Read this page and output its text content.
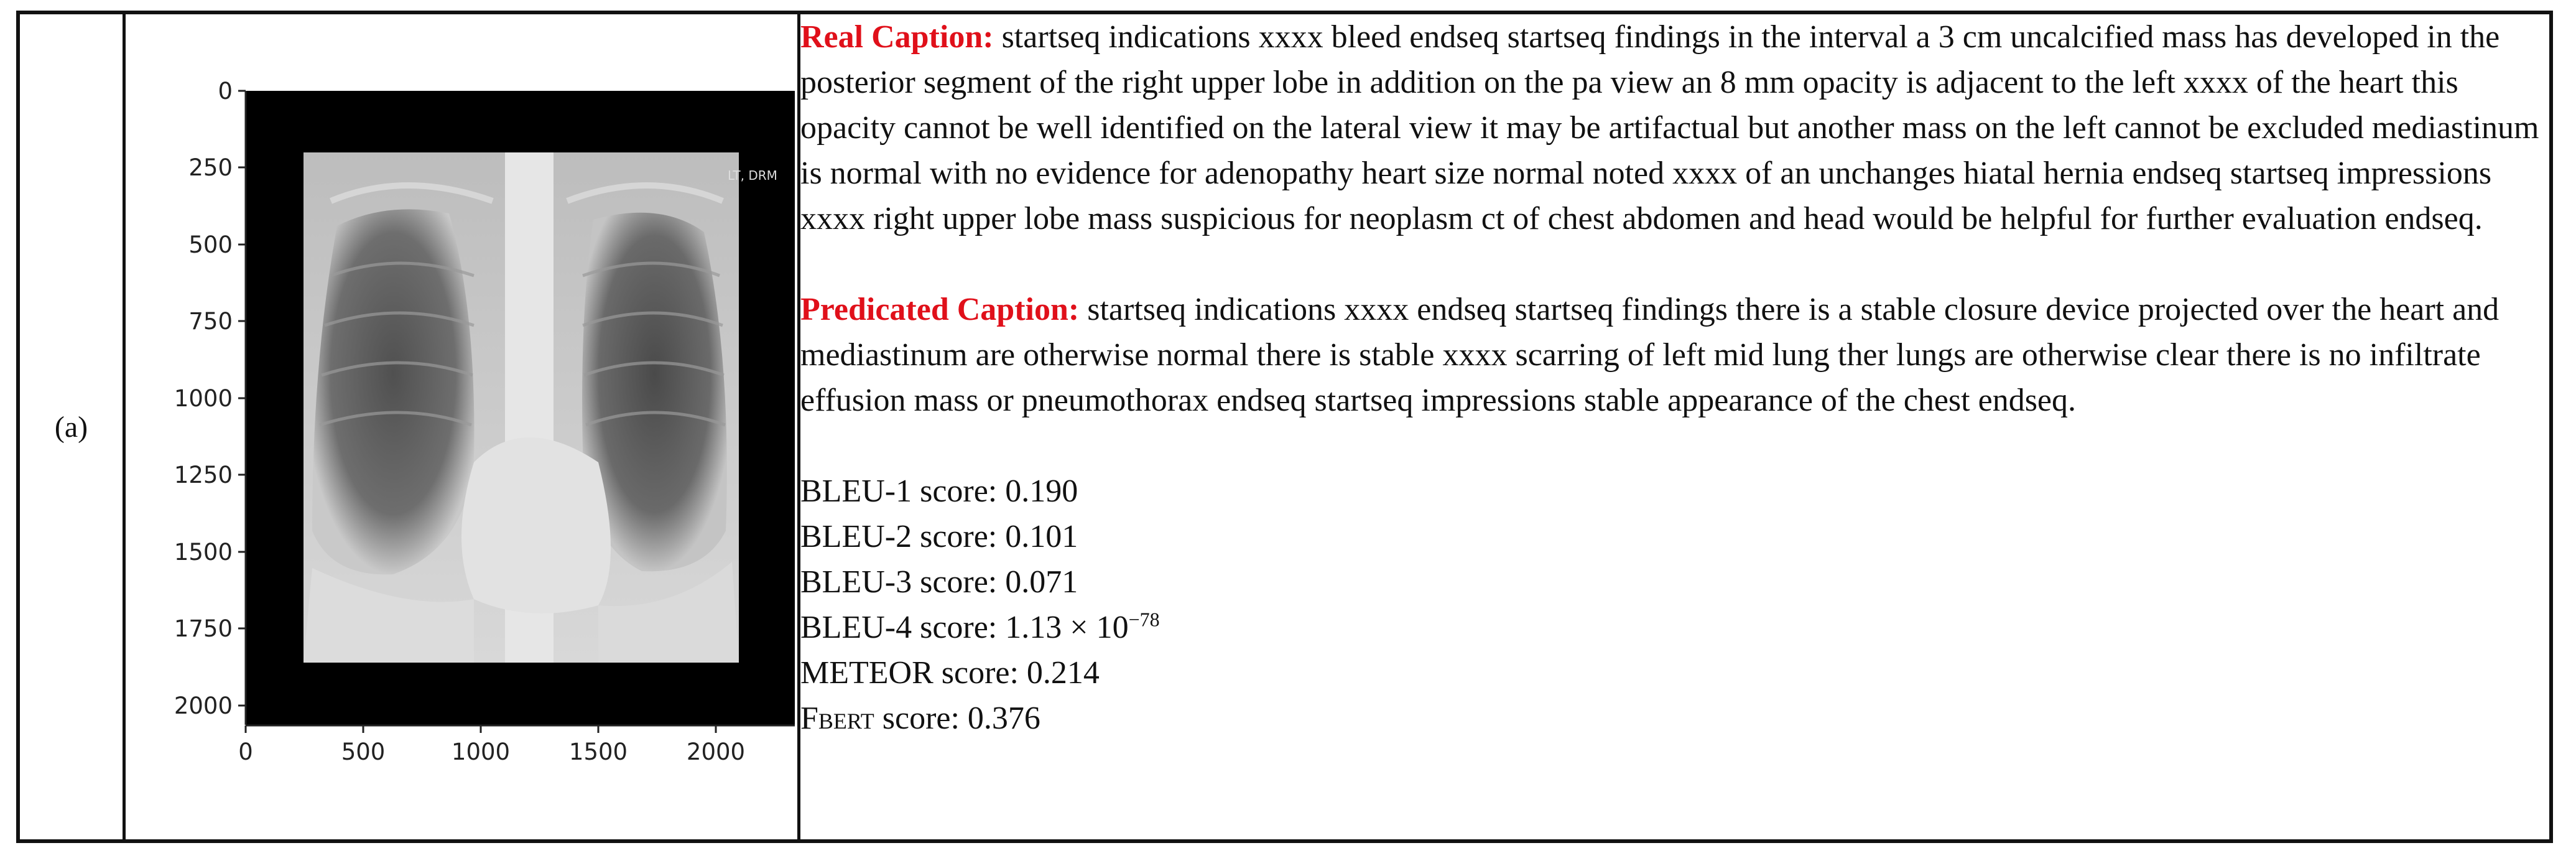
(a)
LT, DRM
0
250
500
750
1000
1250
1500
1750
2000
0	500	1000	1500	2000

Real Caption: startseq indications xxxx bleed endseq startseq findings in the interval a 3 cm uncalcified mass has developed in the posterior segment of the right upper lobe in addition on the pa view an 8 mm opacity is adjacent to the left xxxx of the heart this opacity cannot be well identified on the lateral view it may be artifactual but another mass on the left cannot be excluded mediastinum is normal with no evidence for adenopathy heart size normal noted xxxx of an unchanges hiatal hernia endseq startseq impressions xxxx right upper lobe mass suspicious for neoplasm ct of chest abdomen and head would be helpful for further evaluation endseq.

Predicated Caption: startseq indications xxxx endseq startseq findings there is a stable closure device projected over the heart and mediastinum are otherwise normal there is stable xxxx scarring of left mid lung ther lungs are otherwise clear there is no infiltrate effusion mass or pneumothorax endseq startseq impressions stable appearance of the chest endseq.

BLEU-1 score: 0.190

BLEU-2 score: 0.101

BLEU-3 score: 0.071

BLEU-4 score: $1.13 \times 10^{-78}$

METEOR score: 0.214

FBERT score: 0.376
